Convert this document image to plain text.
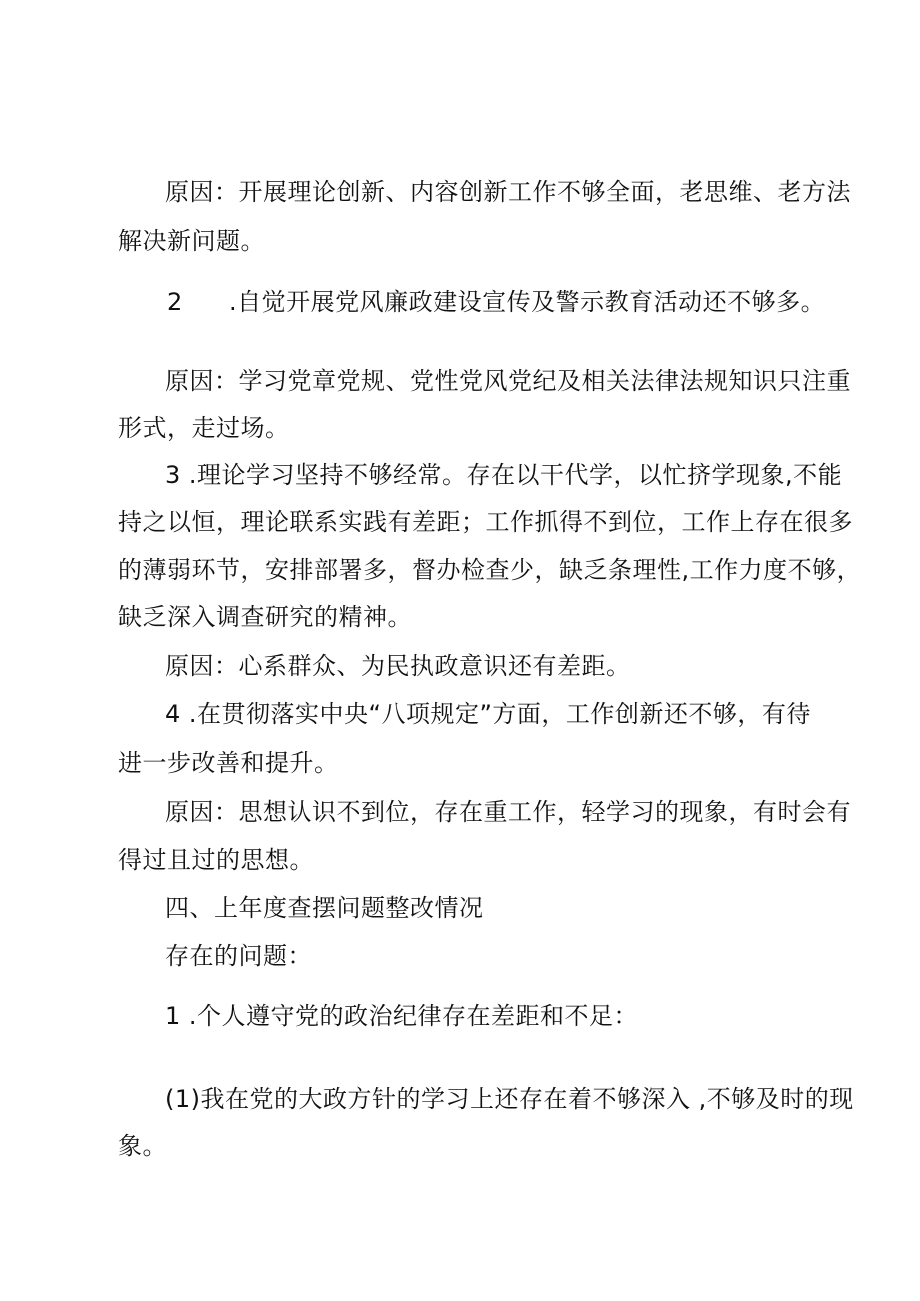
原因：开展理论创新、内容创新工作不够全面，老思维、老方法
解决新问题。
2 .自觉开展党风廉政建设宣传及警示教育活动还不够多。
原因：学习党章党规、党性党风党纪及相关法律法规知识只注重
形式，走过场。
3 .理论学习坚持不够经常。存在以干代学，以忙挤学现象,不能
持之以恒，理论联系实践有差距；工作抓得不到位，工作上存在很多
的薄弱环节，安排部署多，督办检查少，缺乏条理性,工作力度不够，
缺乏深入调查研究的精神。
原因：心系群众、为民执政意识还有差距。
4 .在贯彻落实中央“八项规定”方面，工作创新还不够，有待
进一步改善和提升。
原因：思想认识不到位，存在重工作，轻学习的现象，有时会有
得过且过的思想。
四、上年度查摆问题整改情况
存在的问题：
1 .个人遵守党的政治纪律存在差距和不足：
(1)我在党的大政方针的学习上还存在着不够深入 ,不够及时的现
象。
